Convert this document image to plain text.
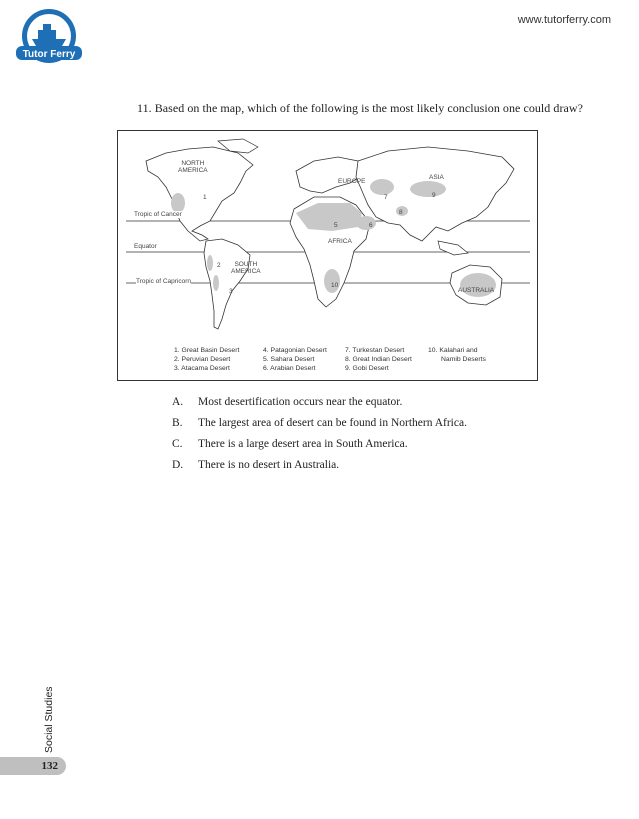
Tutor Ferry
www.tutorferry.com
11. Based on the map, which of the following is the most likely conclusion one could draw?
NORTH
AMERICA
SOUTH
AMERICA
EUROPE
ASIA
AFRICA
AUSTRALIA
Tropic of Cancer
Equator
Tropic of Capricorn
1
2
3
5	6
7
8
9
10
1. Great Basin Desert
2. Peruvian Desert
3. Atacama Desert
4. Patagonian Desert
5. Sahara Desert
6. Arabian Desert
7. Turkestan Desert
8. Great Indian Desert
9. Gobi Desert
10. Kalahari and
Namib Deserts
A.	Most desertification occurs near the equator.
B.	The largest area of desert can be found in Northern Africa.
C.	There is a large desert area in South America.
D.	There is no desert in Australia.
Social Studies
132
